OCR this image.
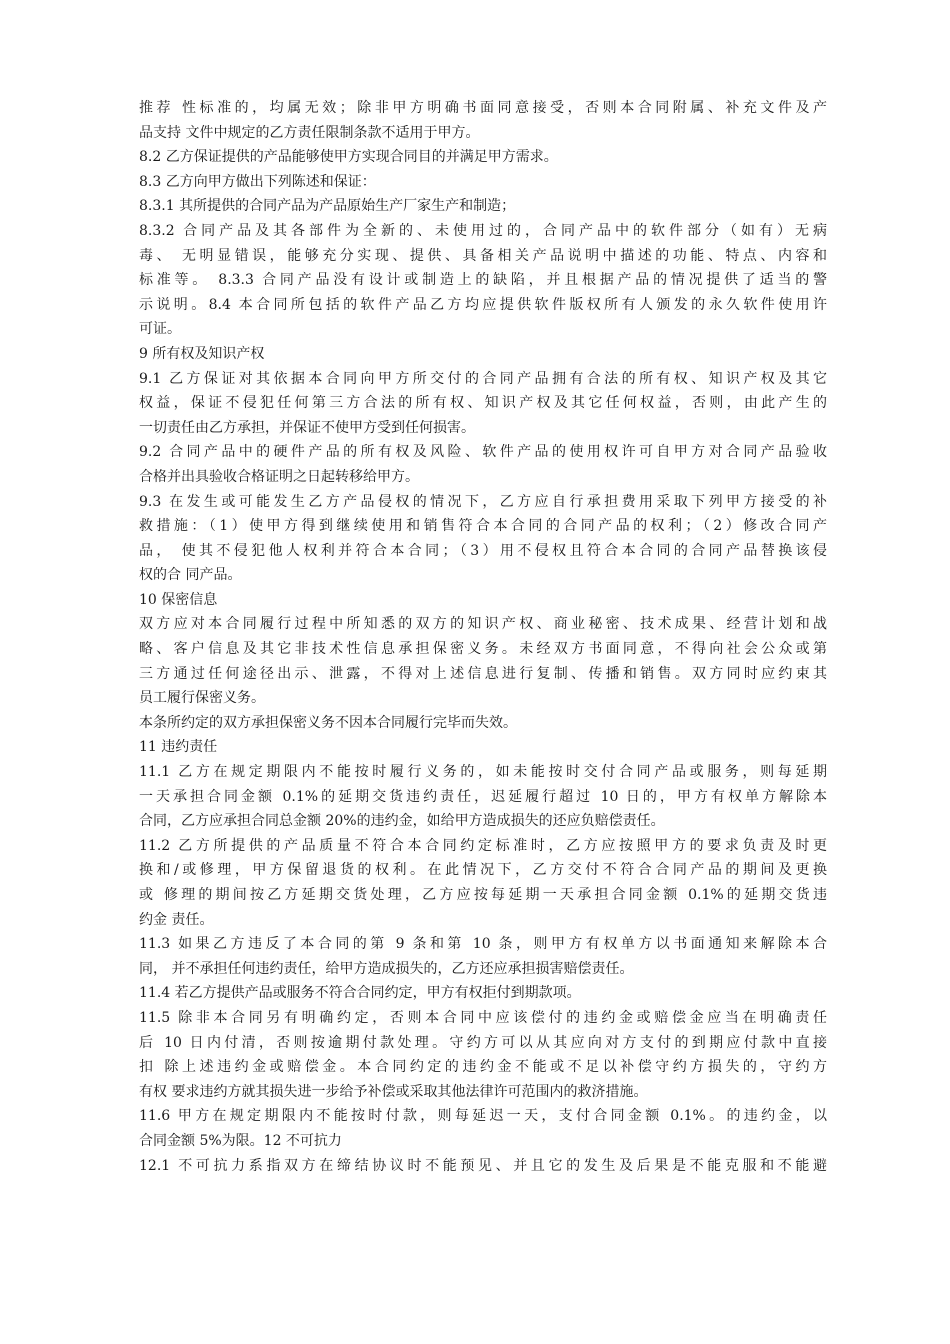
推荐 性标准的，均属无效；除非甲方明确书面同意接受，否则本合同附属、补充文件及产
品支持 文件中规定的乙方责任限制条款不适用于甲方。
8.2 乙方保证提供的产品能够使甲方实现合同目的并满足甲方需求。
8.3 乙方向甲方做出下列陈述和保证：
8.3.1 其所提供的合同产品为产品原始生产厂家生产和制造；
8.3.2 合同产品及其各部件为全新的、未使用过的，合同产品中的软件部分（如有）无病
毒、 无明显错误，能够充分实现、提供、具备相关产品说明中描述的功能、特点、内容和
标准等。 8.3.3 合同产品没有设计或制造上的缺陷，并且根据产品的情况提供了适当的警
示说明。8.4 本合同所包括的软件产品乙方均应提供软件版权所有人颁发的永久软件使用许
可证。
9 所有权及知识产权
9.1 乙方保证对其依据本合同向甲方所交付的合同产品拥有合法的所有权、知识产权及其它
权益，保证不侵犯任何第三方合法的所有权、知识产权及其它任何权益，否则，由此产生的
一切责任由乙方承担，并保证不使甲方受到任何损害。
9.2 合同产品中的硬件产品的所有权及风险、软件产品的使用权许可自甲方对合同产品验收
合格并出具验收合格证明之日起转移给甲方。
9.3 在发生或可能发生乙方产品侵权的情况下，乙方应自行承担费用采取下列甲方接受的补
救措施：（1）使甲方得到继续使用和销售符合本合同的合同产品的权利；（2）修改合同产
品， 使其不侵犯他人权利并符合本合同；（3）用不侵权且符合本合同的合同产品替换该侵
权的合 同产品。
10 保密信息
双方应对本合同履行过程中所知悉的双方的知识产权、商业秘密、技术成果、经营计划和战
略、客户信息及其它非技术性信息承担保密义务。未经双方书面同意，不得向社会公众或第
三方通过任何途径出示、泄露，不得对上述信息进行复制、传播和销售。双方同时应约束其
员工履行保密义务。
本条所约定的双方承担保密义务不因本合同履行完毕而失效。
11 违约责任
11.1 乙方在规定期限内不能按时履行义务的，如未能按时交付合同产品或服务，则每延期
一天承担合同金额 0.1%的延期交货违约责任，迟延履行超过 10 日的，甲方有权单方解除本
合同，乙方应承担合同总金额 20%的违约金，如给甲方造成损失的还应负赔偿责任。
11.2 乙方所提供的产品质量不符合本合同约定标准时，乙方应按照甲方的要求负责及时更
换和/或修理，甲方保留退货的权利。在此情况下，乙方交付不符合合同产品的期间及更换
或 修理的期间按乙方延期交货处理，乙方应按每延期一天承担合同金额 0.1%的延期交货违
约金 责任。
11.3 如果乙方违反了本合同的第 9 条和第 10 条，则甲方有权单方以书面通知来解除本合
同， 并不承担任何违约责任，给甲方造成损失的，乙方还应承担损害赔偿责任。
11.4 若乙方提供产品或服务不符合合同约定，甲方有权拒付到期款项。
11.5 除非本合同另有明确约定，否则本合同中应该偿付的违约金或赔偿金应当在明确责任
后 10 日内付清，否则按逾期付款处理。守约方可以从其应向对方支付的到期应付款中直接
扣 除上述违约金或赔偿金。本合同约定的违约金不能或不足以补偿守约方损失的，守约方
有权 要求违约方就其损失进一步给予补偿或采取其他法律许可范围内的救济措施。
11.6 甲方在规定期限内不能按时付款，则每延迟一天，支付合同金额 0.1%。的违约金，以
合同金额 5%为限。12 不可抗力
12.1 不可抗力系指双方在缔结协议时不能预见、并且它的发生及后果是不能克服和不能避
